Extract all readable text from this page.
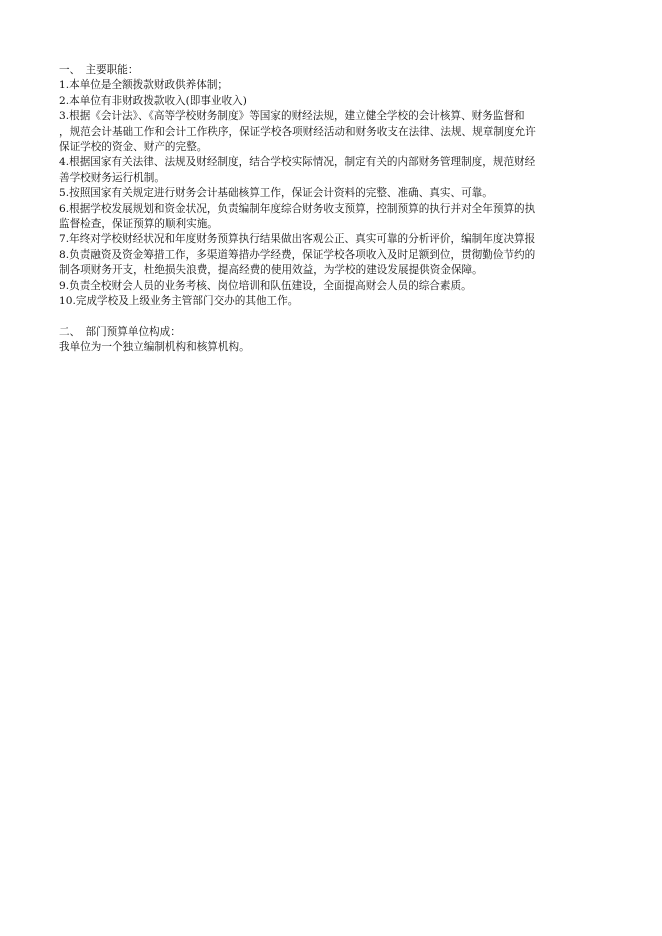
一、　主要职能：
1.本单位是全额拨款财政供养体制；
2.本单位有非财政拨款收入(即事业收入)
3.根据《会计法》、《高等学校财务制度》等国家的财经法规，建立健全学校的会计核算、财务监督和
，规范会计基础工作和会计工作秩序，保证学校各项财经活动和财务收支在法律、法规、规章制度允许
保证学校的资金、财产的完整。
4.根据国家有关法律、法规及财经制度，结合学校实际情况，制定有关的内部财务管理制度，规范财经
善学校财务运行机制。
5.按照国家有关规定进行财务会计基础核算工作，保证会计资料的完整、准确、真实、可靠。
6.根据学校发展规划和资金状况，负责编制年度综合财务收支预算，控制预算的执行并对全年预算的执
监督检查，保证预算的顺利实施。
7.年终对学校财经状况和年度财务预算执行结果做出客观公正、真实可靠的分析评价，编制年度决算报
8.负责融资及资金筹措工作，多渠道筹措办学经费，保证学校各项收入及时足额到位，贯彻勤俭节约的
制各项财务开支，杜绝损失浪费，提高经费的使用效益，为学校的建设发展提供资金保障。
9.负责全校财会人员的业务考核、岗位培训和队伍建设，全面提高财会人员的综合素质。
10.完成学校及上级业务主管部门交办的其他工作。
二、　部门预算单位构成：
我单位为一个独立编制机构和核算机构。
